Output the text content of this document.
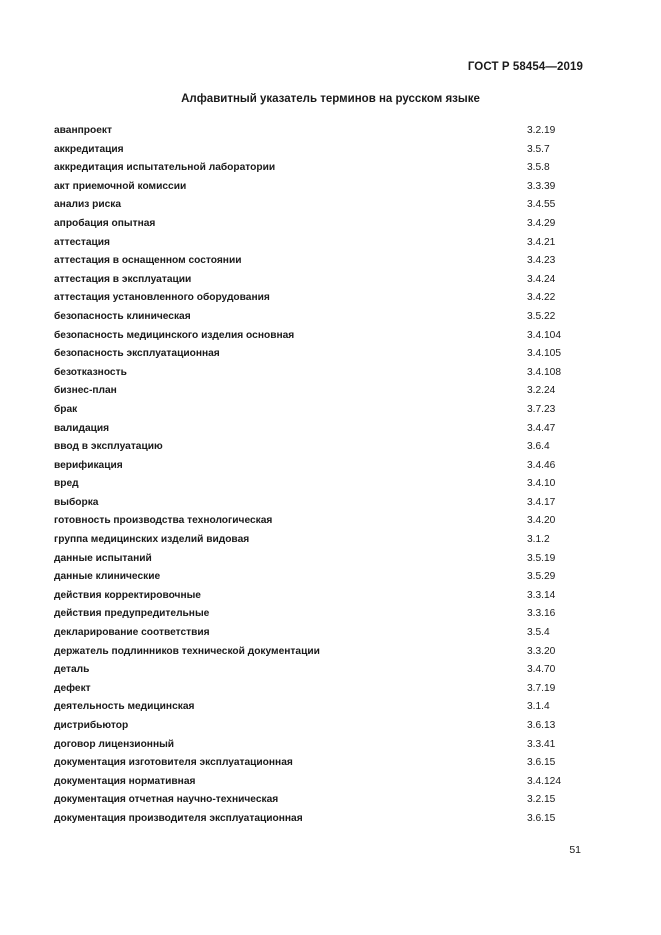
ГОСТ Р 58454—2019
Алфавитный указатель терминов на русском языке
аванпроект	3.2.19
аккредитация	3.5.7
аккредитация испытательной лаборатории	3.5.8
акт приемочной комиссии	3.3.39
анализ риска	3.4.55
апробация опытная	3.4.29
аттестация	3.4.21
аттестация в оснащенном состоянии	3.4.23
аттестация в эксплуатации	3.4.24
аттестация установленного оборудования	3.4.22
безопасность клиническая	3.5.22
безопасность медицинского изделия основная	3.4.104
безопасность эксплуатационная	3.4.105
безотказность	3.4.108
бизнес-план	3.2.24
брак	3.7.23
валидация	3.4.47
ввод в эксплуатацию	3.6.4
верификация	3.4.46
вред	3.4.10
выборка	3.4.17
готовность производства технологическая	3.4.20
группа медицинских изделий видовая	3.1.2
данные испытаний	3.5.19
данные клинические	3.5.29
действия корректировочные	3.3.14
действия предупредительные	3.3.16
декларирование соответствия	3.5.4
держатель подлинников технической документации	3.3.20
деталь	3.4.70
дефект	3.7.19
деятельность медицинская	3.1.4
дистрибьютор	3.6.13
договор лицензионный	3.3.41
документация изготовителя эксплуатационная	3.6.15
документация нормативная	3.4.124
документация отчетная научно-техническая	3.2.15
документация производителя эксплуатационная	3.6.15
51
